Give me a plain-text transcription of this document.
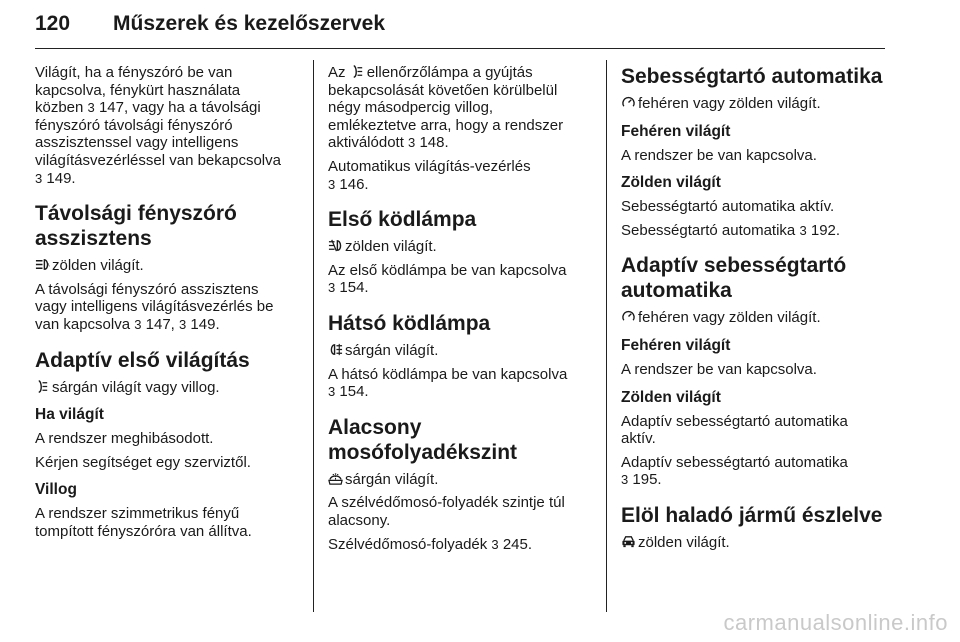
120 Műszerek és kezelőszervek

Világít, ha a fényszóró be van
kapcsolva, fénykürt használata
közben 3 147, vagy ha a távolsági
fényszóró távolsági fényszóró
asszisztenssel vagy intelligens
világításvezérléssel van bekapcsolva
3 149.

Távolsági fényszóró
asszisztens

A zölden világít.

A távolsági fényszóró asszisztens
vagy intelligens világításvezérlés be
van kapcsolva 3 147, 3 149.

Adaptív első világítás

sárgán világít vagy villog.

Ha világít

A rendszer meghibásodott.

Kérjen segítséget egy szerviztől.

Villog

A rendszer szimmetrikus fényű
tompított fényszóróra van állítva.

Az
ellenőrzőlámpa a gyújtás
bekapcsolását követően körülbelül
négy másodpercig villog,
emlékeztetve arra, hogy a rendszer
aktiválódott 3 148.

Automatikus világítás-vezérlés
3 146.

Első ködlámpa

zölden világít.

Az első ködlámpa be van kapcsolva
3 154.

Hátsó ködlámpa

sárgán világít.

A hátsó ködlámpa be van kapcsolva
3 154.

Alacsony
mosófolyadékszint

sárgán világít.

A szélvédőmosó-folyadék szintje túl
alacsony.

Szélvédőmosó-folyadék 3 245.

Sebességtartó automatika

fehéren vagy zölden világít.

Fehéren világít

A rendszer be van kapcsolva.

Zölden világít

Sebességtartó automatika aktív.

Sebességtartó automatika 3 192.

Adaptív sebességtartó
automatika

fehéren vagy zölden világít.

Fehéren világít

A rendszer be van kapcsolva.

Zölden világít

Adaptív sebességtartó automatika
aktív.

Adaptív sebességtartó automatika
3 195.

Elöl haladó jármű észlelve

zölden világít.

carmanualsonline.info
